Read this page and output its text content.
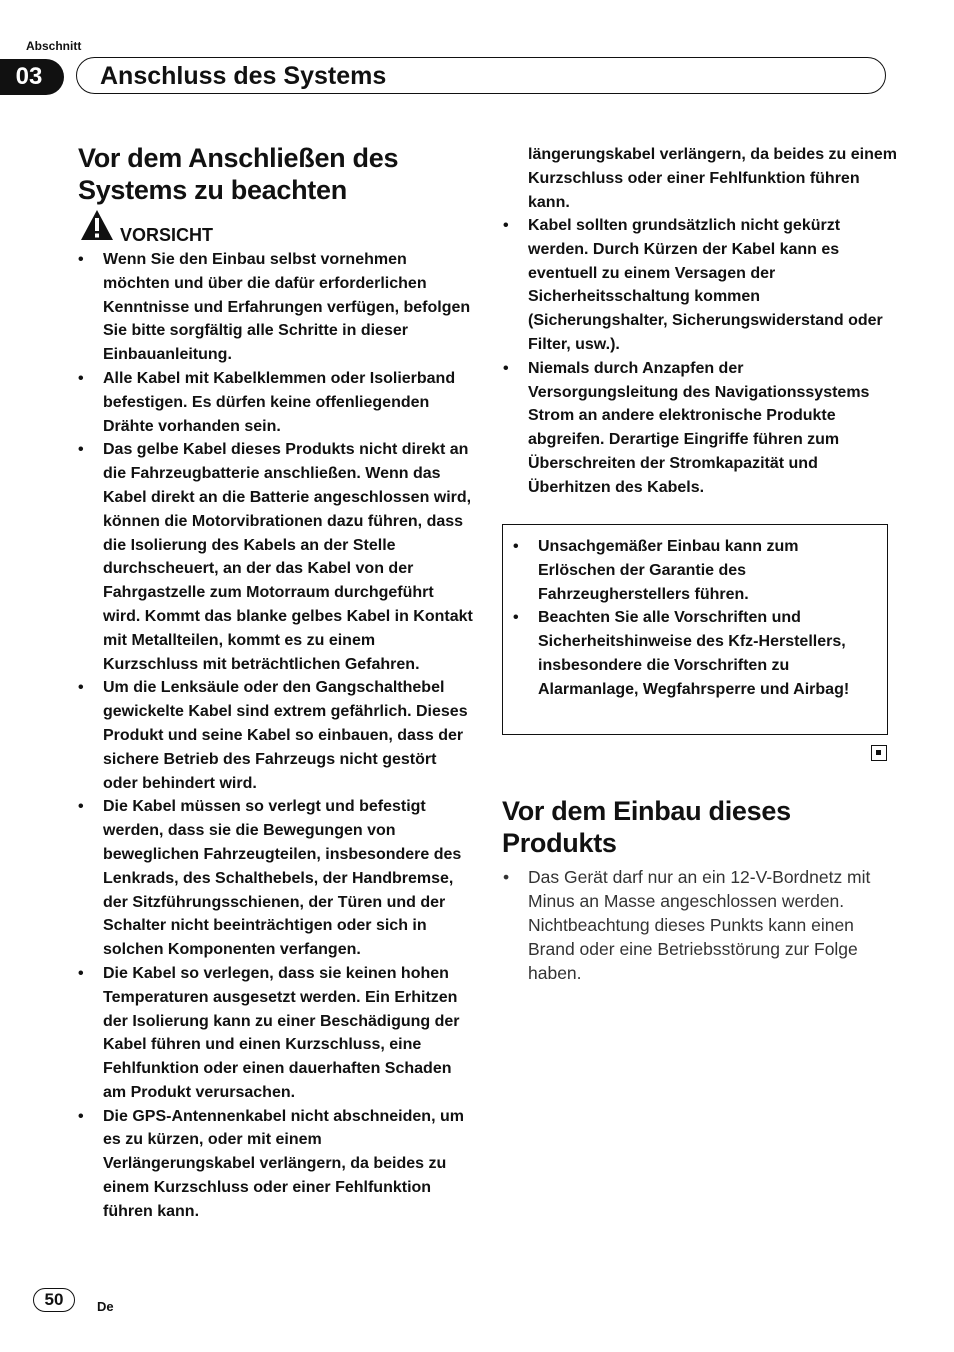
Abschnitt
03	Anschluss des Systems
Vor dem Anschließen des Systems zu beachten
VORSICHT
• Wenn Sie den Einbau selbst vornehmen möchten und über die dafür erforderlichen Kenntnisse und Erfahrungen verfügen, befolgen Sie bitte sorgfältig alle Schritte in dieser Einbauanleitung.
• Alle Kabel mit Kabelklemmen oder Isolierband befestigen. Es dürfen keine offenliegenden Drähte vorhanden sein.
• Das gelbe Kabel dieses Produkts nicht direkt an die Fahrzeugbatterie anschließen. Wenn das Kabel direkt an die Batterie angeschlossen wird, können die Motorvibrationen dazu führen, dass die Isolierung des Kabels an der Stelle durchscheuert, an der das Kabel von der Fahrgastzelle zum Motorraum durchgeführt wird. Kommt das blanke gelbes Kabel in Kontakt mit Metallteilen, kommt es zu einem Kurzschluss mit beträchtlichen Gefahren.
• Um die Lenksäule oder den Gangschalthebel gewickelte Kabel sind extrem gefährlich. Dieses Produkt und seine Kabel so einbauen, dass der sichere Betrieb des Fahrzeugs nicht gestört oder behindert wird.
• Die Kabel müssen so verlegt und befestigt werden, dass sie die Bewegungen von beweglichen Fahrzeugteilen, insbesondere des Lenkrads, des Schalthebels, der Handbremse, der Sitzführungsschienen, der Türen und der Schalter nicht beeinträchtigen oder sich in solchen Komponenten verfangen.
• Die Kabel so verlegen, dass sie keinen hohen Temperaturen ausgesetzt werden. Ein Erhitzen der Isolierung kann zu einer Beschädigung der Kabel führen und einen Kurzschluss, eine Fehlfunktion oder einen dauerhaften Schaden am Produkt verursachen.
• Die GPS-Antennenkabel nicht abschneiden, um es zu kürzen, oder mit einem Verlängerungskabel verlängern, da beides zu einem Kurzschluss oder einer Fehlfunktion führen kann.
längerungskabel verlängern, da beides zu einem Kurzschluss oder einer Fehlfunktion führen kann.
• Kabel sollten grundsätzlich nicht gekürzt werden. Durch Kürzen der Kabel kann es eventuell zu einem Versagen der Sicherheitsschaltung kommen (Sicherungshalter, Sicherungswiderstand oder Filter, usw.).
• Niemals durch Anzapfen der Versorgungsleitung des Navigationssystems Strom an andere elektronische Produkte abgreifen. Derartige Eingriffe führen zum Überschreiten der Stromkapazität und Überhitzen des Kabels.
• Unsachgemäßer Einbau kann zum Erlöschen der Garantie des Fahrzeugherstellers führen.
• Beachten Sie alle Vorschriften und Sicherheitshinweise des Kfz-Herstellers, insbesondere die Vorschriften zu Alarmanlage, Wegfahrsperre und Airbag!
Vor dem Einbau dieses Produkts
• Das Gerät darf nur an ein 12-V-Bordnetz mit Minus an Masse angeschlossen werden. Nichtbeachtung dieses Punkts kann einen Brand oder eine Betriebsstörung zur Folge haben.
50	De
